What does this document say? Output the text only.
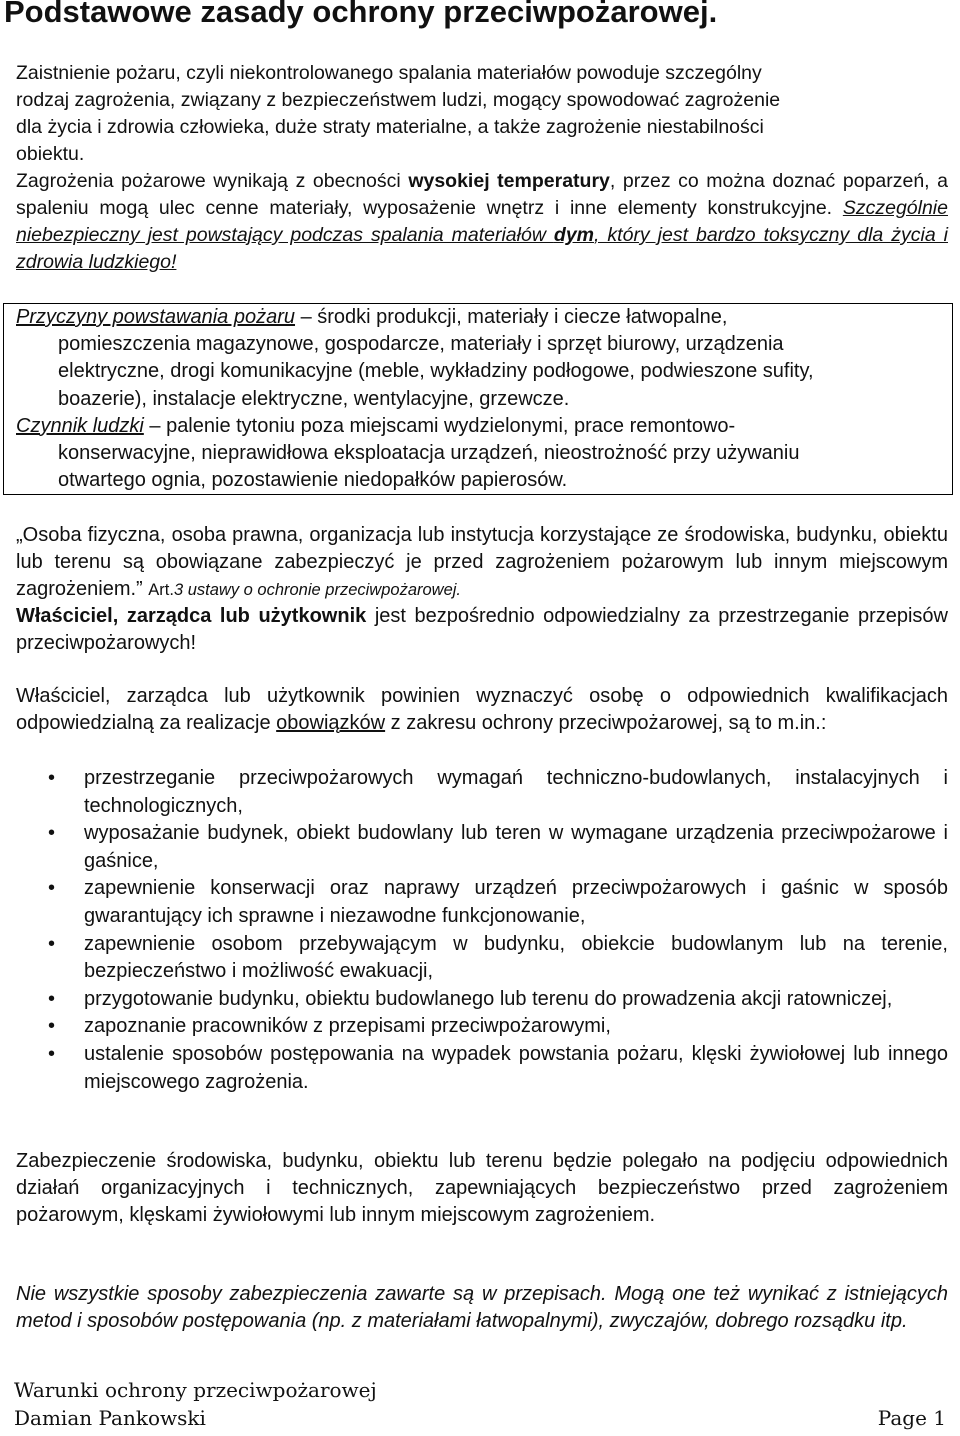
Podstawowe zasady ochrony przeciwpożarowej.
Zaistnienie pożaru, czyli niekontrolowanego spalania materiałów powoduje szczególny
rodzaj zagrożenia, związany z bezpieczeństwem ludzi, mogący spowodować zagrożenie
dla życia i zdrowia człowieka, duże straty materialne, a także zagrożenie niestabilności
obiektu.
Zagrożenia pożarowe wynikają z obecności wysokiej temperatury, przez co można doznać poparzeń, a spaleniu mogą ulec cenne materiały, wyposażenie wnętrz i inne elementy konstrukcyjne. Szczególnie niebezpieczny jest powstający podczas spalania materiałów dym, który jest bardzo toksyczny dla życia i zdrowia ludzkiego!
Przyczyny powstawania pożaru – środki produkcji, materiały i ciecze łatwopalne,
pomieszczenia magazynowe, gospodarcze, materiały i sprzęt biurowy, urządzenia
elektryczne, drogi komunikacyjne (meble, wykładziny podłogowe, podwieszone sufity,
boazerie), instalacje elektryczne, wentylacyjne, grzewcze.
Czynnik ludzki – palenie tytoniu poza miejscami wydzielonymi, prace remontowo-
konserwacyjne, nieprawidłowa eksploatacja urządzeń, nieostrożność przy używaniu
otwartego ognia, pozostawienie niedopałków papierosów.
„Osoba fizyczna, osoba prawna, organizacja lub instytucja korzystające ze środowiska, budynku, obiektu lub terenu są obowiązane zabezpieczyć je przed zagrożeniem pożarowym lub innym miejscowym zagrożeniem.” Art.3 ustawy o ochronie przeciwpożarowej.
Właściciel, zarządca lub użytkownik jest bezpośrednio odpowiedzialny za przestrzeganie przepisów przeciwpożarowych!
Właściciel, zarządca lub użytkownik powinien wyznaczyć osobę o odpowiednich kwalifikacjach odpowiedzialną za realizacje obowiązków z zakresu ochrony przeciwpożarowej, są to m.in.:
• przestrzeganie przeciwpożarowych wymagań techniczno-budowlanych, instalacyjnych i technologicznych,
• wyposażanie budynek, obiekt budowlany lub teren w wymagane urządzenia przeciwpożarowe i gaśnice,
• zapewnienie konserwacji oraz naprawy urządzeń przeciwpożarowych i gaśnic w sposób gwarantujący ich sprawne i niezawodne funkcjonowanie,
• zapewnienie osobom przebywającym w budynku, obiekcie budowlanym lub na terenie, bezpieczeństwo i możliwość ewakuacji,
• przygotowanie budynku, obiektu budowlanego lub terenu do prowadzenia akcji ratowniczej,
• zapoznanie pracowników z przepisami przeciwpożarowymi,
• ustalenie sposobów postępowania na wypadek powstania pożaru, klęski żywiołowej lub innego miejscowego zagrożenia.
Zabezpieczenie środowiska, budynku, obiektu lub terenu będzie polegało na podjęciu odpowiednich działań organizacyjnych i technicznych, zapewniających bezpieczeństwo przed zagrożeniem pożarowym, klęskami żywiołowymi lub innym miejscowym zagrożeniem.
Nie wszystkie sposoby zabezpieczenia zawarte są w przepisach. Mogą one też wynikać z istniejących metod i sposobów postępowania (np. z materiałami łatwopalnymi), zwyczajów, dobrego rozsądku itp.
Warunki ochrony przeciwpożarowej
Damian Pankowski	Page 1
